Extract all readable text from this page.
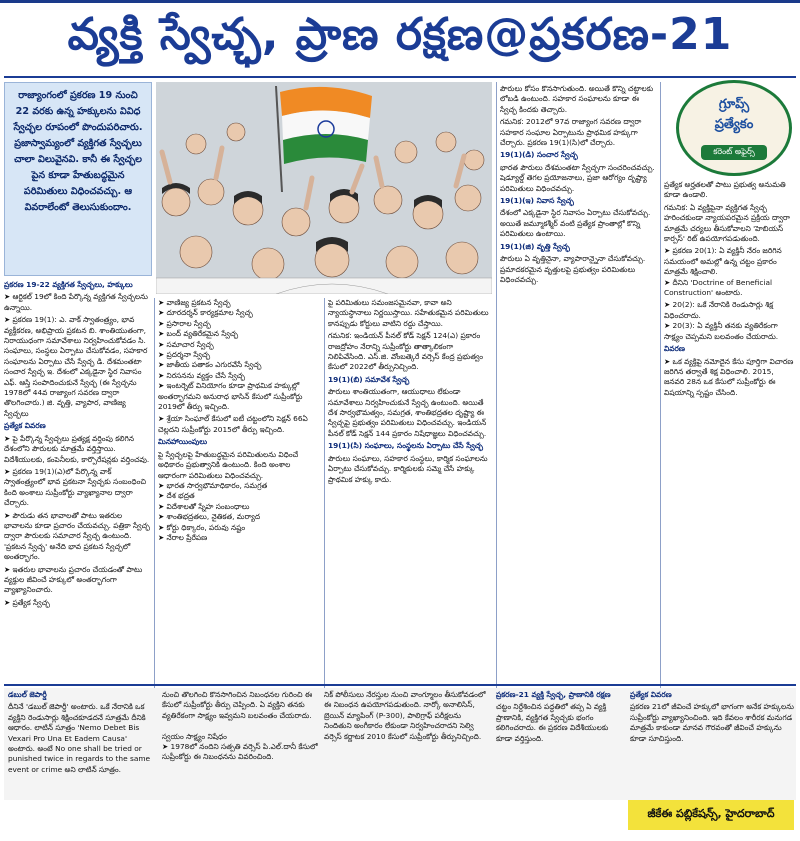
వ్యక్తి స్వేచ్ఛ, ప్రాణ రక్షణ@ప్రకరణ-21
రాజ్యాంగంలో ప్రకరణ 19 నుంచి 22 వరకు ఉన్న హక్కులను వివిధ స్వేచ్ఛల రూపంలో పొందుపరిచారు. ప్రజాస్వామ్యంలో వ్యక్తిగత స్వేచ్ఛలు చాలా విలువైనవి. కానీ ఈ స్వేచ్ఛల పైన కూడా హేతుబద్ధమైన పరిమితులు విధించవచ్చు. ఆ వివరాలేంటో తెలుసుకుందాం.
గ్రూప్స్
ప్రత్యేకం
కరెంట్ అఫైర్స్

ప్రకరణ 19-22 వ్యక్తిగత స్వేచ్ఛలు, హక్కులు

➤ ఆర్టికల్ 19లో కింది పేర్కొన్న వ్యక్తిగత స్వేచ్ఛలను ఉన్నాయి.

➤ ప్రకరణ 19(1): ఎ. వాక్ స్వాతంత్ర్యం, భావ వ్యక్తీకరణ, అభిప్రాయ ప్రకటన బి. శాంతియుతంగా, నిరాయుధంగా సమావేశాలు నిర్వహించుకోవడం సి. సంఘాలు, సంస్థలు ఏర్పాటు చేసుకోవడం, సహకార సంఘాలను ఏర్పాటు చేసే స్వేచ్ఛ డి. దేశమంతటా సంచార స్వేచ్ఛ ఇ. దేశంలో ఎక్కడైనా స్థిర నివాసం ఎఫ్. ఆస్తి సంపాదించుకునే స్వేచ్ఛ (ఈ స్వేచ్ఛను 1978లో 44వ రాజ్యాంగ సవరణ ద్వారా తొలగించారు.) జి. వృత్తి, వ్యాపార, వాణిజ్య స్వేచ్ఛలు

ప్రత్యేక వివరణ

➤ పై పేర్కొన్న స్వేచ్ఛలు ప్రత్యక్ష వర్తింపు కలిగిన దేశంలోని పౌరులకు మాత్రమే వర్తిస్తాయి. విదేశీయులకు, కంపెనీలకు, కార్పొరేషన్లకు వర్తించవు.

➤ ప్రకరణ 19(1)(ఎ)లో పేర్కొన్న వాక్ స్వాతంత్ర్యంలో భావ ప్రకటనా స్వేచ్ఛకు సంబంధించి కింది అంశాలు సుప్రీంకోర్టు వ్యాఖ్యానాల ద్వారా చేర్చారు.

➤ పౌరుడు తన భావాలతో పాటు ఇతరుల భావాలను కూడా ప్రచారం చేయవచ్చు. పత్రికా స్వేచ్ఛ ద్వారా పౌరులకు సమాచార స్వేచ్ఛ ఉంటుంది. 'ప్రకటన స్వేచ్ఛ' అనేది భావ ప్రకటన స్వేచ్ఛలో అంతర్భాగం.

➤ ఇతరుల భావాలను ప్రచారం చేయడంతో పాటు వ్యక్తుల జీవించే హక్కులో అంతర్భాగంగా వ్యాఖ్యానించారు.

➤ ప్రత్యేక స్వేచ్ఛ

➤ వాణిజ్య ప్రకటన స్వేచ్ఛ
➤ దూరదర్శన్‌ కార్యక్రమాల స్వేచ్ఛ
➤ ప్రసారాల స్వేచ్ఛ
➤ బంద్‌ వ్యతిరేకమైన స్వేచ్ఛ
➤ సమాచార స్వేచ్ఛ
➤ ప్రదర్శనా స్వేచ్ఛ
➤ జాతీయ పతాకం ఎగురవేసే స్వేచ్ఛ
➤ నిరసనను వ్యక్తం చేసే స్వేచ్ఛ
➤ ఇంటర్నెట్‌ వినియోగం కూడా ప్రాథమిక హక్కుల్లో అంతర్భాగమని అనురాధ భాసిన్‌ కేసులో సుప్రీంకోర్టు 2019లో తీర్పు ఇచ్చింది.

➤ శ్రేయా సింఘాల్ కేసులో ఐటీ చట్టంలోని సెక్షన్ 66ఏ చెల్లదని సుప్రీంకోర్టు 2015లో తీర్పు ఇచ్చింది.

మినహాయింపులు

పై స్వేచ్ఛలపై హేతుబద్ధమైన పరిమితులను విధించే అధికారం ప్రభుత్వానికి ఉంటుంది. కింది అంశాల ఆధారంగా పరిమితులు విధించవచ్చు.
➤ భారత సార్వభౌమాధికారం, సమగ్రత
➤ దేశ భద్రత
➤ విదేశాలతో స్నేహ సంబంధాలు
➤ శాంతిభద్రతలు, నైతికత, మర్యాద
➤ కోర్టు ధిక్కారం, పరువు నష్టం
➤ నేరాల ప్రేరేపణ

పై పరిమితులు సమంజసమైనవా, కావా అని న్యాయస్థానాలు నిర్ణయిస్తాయి. సహేతుకమైన పరిమితులు కానప్పుడు కోర్టులు వాటిని రద్దు చేస్తాయి.

గమనిక: ఇండియన్ పీనల్ కోడ్ సెక్షన్ 124(ఎ) ప్రకారం రాజద్రోహం నేరాన్ని సుప్రీంకోర్టు తాత్కాలికంగా నిలిపివేసింది. ఎస్‌.జి. వోంబత్కెరే వర్సెస్ కేంద్ర ప్రభుత్వం కేసులో 2022లో తీర్పునిచ్చింది.

19(1)(బి) సమావేశ స్వేచ్ఛ

పౌరులు శాంతియుతంగా, ఆయుధాలు లేకుండా సమావేశాలు నిర్వహించుకునే స్వేచ్ఛ ఉంటుంది. అయితే దేశ సార్వభౌమత్వం, సమగ్రత, శాంతిభద్రతల దృష్ట్యా ఈ స్వేచ్ఛపై ప్రభుత్వం పరిమితులు విధించవచ్చు. ఇండియన్ పీనల్ కోడ్ సెక్షన్ 144 ప్రకారం నిషేధాజ్ఞలు విధించవచ్చు.

19(1)(సి) సంఘాలు, సంస్థలను ఏర్పాటు చేసే స్వేచ్ఛ

పౌరులు సంఘాలు, సహకార సంస్థలు, కార్మిక సంఘాలను ఏర్పాటు చేసుకోవచ్చు. కార్మికులకు సమ్మె చేసే హక్కు ప్రాథమిక హక్కు కాదు.

పౌరులు కోసం కొనసాగుతుంది. అయితే కొన్ని చట్టాలకు లోబడి ఉంటుంది. సహకార సంఘాలను కూడా ఈ స్వేచ్ఛ కిందకు తెచ్చారు.

గమనిక: 2012లో 97వ రాజ్యాంగ సవరణ ద్వారా సహకార సంఘాల ఏర్పాటును ప్రాథమిక హక్కుగా చేర్చారు. ప్రకరణ 19(1)(సి)లో చేర్చారు.

19(1)(డి) సంచార స్వేచ్ఛ

భారత పౌరులు దేశమంతటా స్వేచ్ఛగా సంచరించవచ్చు. షెడ్యూల్డ్ తెగల ప్రయోజనాలు, ప్రజా ఆరోగ్యం దృష్ట్యా పరిమితులు విధించవచ్చు.

19(1)(ఇ) నివాస స్వేచ్ఛ

దేశంలో ఎక్కడైనా స్థిర నివాసం ఏర్పాటు చేసుకోవచ్చు. అయితే జమ్మూకశ్మీర్ వంటి ప్రత్యేక ప్రాంతాల్లో కొన్ని పరిమితులు ఉంటాయి.

19(1)(జి) వృత్తి స్వేచ్ఛ

పౌరులు ఏ వృత్తినైనా, వ్యాపారాన్నైనా చేసుకోవచ్చు. ప్రమాదకరమైన వృత్తులపై ప్రభుత్వం పరిమితులు విధించవచ్చు.

ప్రత్యేక అర్హతలతో పాటు ప్రభుత్వ అనుమతి కూడా ఉండాలి.

గమనిక: ఏ వ్యక్తిపైనా వ్యక్తిగత స్వేచ్ఛ హరించకుండా న్యాయపరమైన ప్రక్రియ ద్వారా మాత్రమే చర్యలు తీసుకోవాలని 'హెబియస్ కార్పస్' రిట్ ఉపయోగపడుతుంది.

➤ ప్రకరణ 20(1): ఏ వ్యక్తినీ నేరం జరిగిన సమయంలో అమల్లో ఉన్న చట్టం ప్రకారం మాత్రమే శిక్షించాలి.
➤ దీనిని 'Doctrine of Beneficial Construction' అంటారు.

➤ 20(2): ఒకే నేరానికి రెండుసార్లు శిక్ష విధించరాదు.
➤ 20(3): ఏ వ్యక్తినీ తనకు వ్యతిరేకంగా సాక్ష్యం చెప్పమని బలవంతం చేయరాదు.

వివరణ

➤ ఒక వ్యక్తిపై నమోదైన కేసు పూర్తిగా విచారణ జరిగిన తర్వాతే శిక్ష విధించాలి. 2015, జనవరి 28న ఒక కేసులో సుప్రీంకోర్టు ఈ విషయాన్ని స్పష్టం చేసింది.

డబుల్ జెపార్డీ

దీనినే 'డబుల్ జెపార్డీ' అంటారు. ఒకే నేరానికి ఒక వ్యక్తిని రెండుసార్లు శిక్షించకూడదనే సూత్రమే దీనికి ఆధారం. లాటిన్ సూత్రం 'Nemo Debet Bis Vexari Pro Una Et Eadem Causa' అంటారు. అంటే No one shall be tried or punished twice in regards to the same event or crime అని లాటిన్ సూత్రం.

నుంచి తొలగించి కొనసాగించిన నిబంధనల గురించి ఈ కేసులో సుప్రీంకోర్టు తీర్పు చెప్పింది. ఏ వ్యక్తిని తనకు వ్యతిరేకంగా సాక్ష్యం ఇవ్వమని బలవంతం చేయరాదు.

స్వయం సాక్ష్యం నిషేధం
➤ 1978లో నందిని సత్పతి వర్సెస్ పి.ఎల్.దానీ కేసులో సుప్రీంకోర్టు ఈ నిబంధనను వివరించింది.

నిక్‌ పోలీసులు నేరస్తుల నుంచి వాంగ్మూలం తీసుకోవడంలో ఈ నిబంధన ఉపయోగపడుతుంది. నార్కో అనాలిసిస్, బ్రెయిన్ మ్యాపింగ్ (P-300), పాలిగ్రాఫ్ పరీక్షలను నిందితుని అంగీకారం లేకుండా నిర్వహించరాదని సెల్వి వర్సెస్ కర్ణాటక 2010 కేసులో సుప్రీంకోర్టు తీర్పునిచ్చింది.

ప్రకరణ-21 వ్యక్తి స్వేచ్ఛ, ప్రాణానికి రక్షణ

చట్టం నిర్దేశించిన పద్ధతిలో తప్ప ఏ వ్యక్తి ప్రాణానికి, వ్యక్తిగత స్వేచ్ఛకు భంగం కలిగించరాదు. ఈ ప్రకరణ విదేశీయులకు కూడా వర్తిస్తుంది.

ప్రత్యేక వివరణ

ప్రకరణ 21లో జీవించే హక్కులో భాగంగా అనేక హక్కులను సుప్రీంకోర్టు వ్యాఖ్యానించింది. ఇది కేవలం శారీరక మనుగడ మాత్రమే కాకుండా మానవ గౌరవంతో జీవించే హక్కును కూడా సూచిస్తుంది.

జీకేఈ పబ్లికేషన్స్, హైదరాబాద్
